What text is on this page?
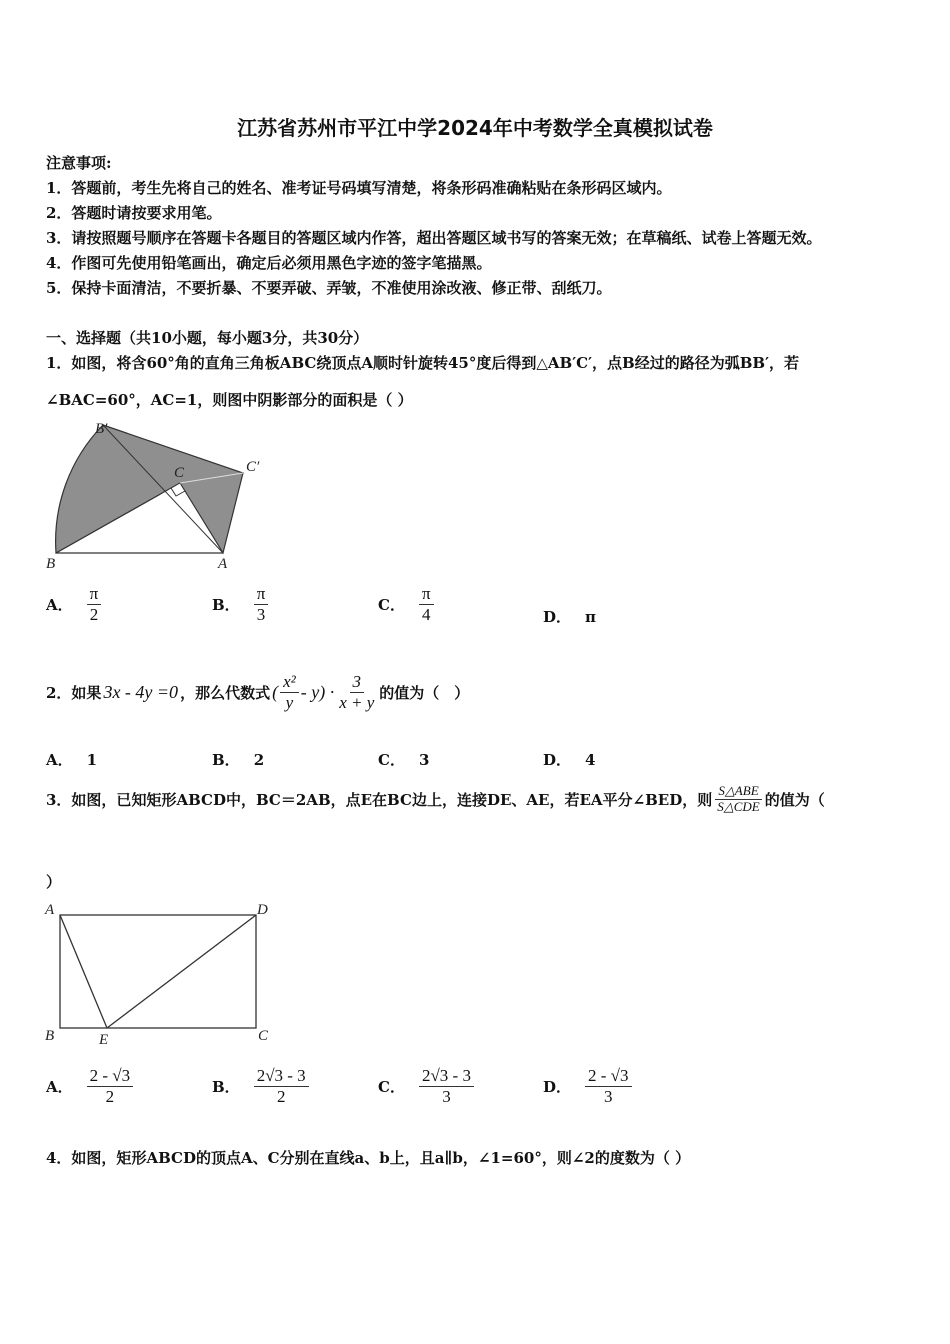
江苏省苏州市平江中学2024年中考数学全真模拟试卷
注意事项:
1．答题前，考生先将自己的姓名、准考证号码填写清楚，将条形码准确粘贴在条形码区域内。
2．答题时请按要求用笔。
3．请按照题号顺序在答题卡各题目的答题区域内作答，超出答题区域书写的答案无效；在草稿纸、试卷上答题无效。
4．作图可先使用铅笔画出，确定后必须用黑色字迹的签字笔描黑。
5．保持卡面清洁，不要折暴、不要弄破、弄皱，不准使用涂改液、修正带、刮纸刀。
一、选择题（共10小题，每小题3分，共30分）
1．如图，将含60°角的直角三角板ABC绕顶点A顺时针旋转45°度后得到△AB′C′，点B经过的路径为弧BB′，若
∠BAC=60°，AC=1，则图中阴影部分的面积是（ ）
B′
C	C′
B	A
A． $\frac{\pi}{2}$	B． $\frac{\pi}{3}$	C． $\frac{\pi}{4}$	D． π
2．如果 3x - 4y =0 ，那么代数式 ( $\frac{\text{x²}}{y} - y) \cdot \frac{3}{x + y}$ 的值为（　）
A． 1	B． 2	C． 3	D． 4
3．如图，已知矩形ABCD中，BC＝2AB，点E在BC边上，连接DE、AE，若EA平分∠BED，则 $\frac{\text{S△ABE}}{\text{S△CDE}}$ 的值为（
）
A	D
B	E	C
A． $\frac{2 - √3}{2}$	B． $\frac{2√3 - 3}{2}$	C． $\frac{2√3 - 3}{3}$	D． $\frac{2 - √3}{3}$
4．如图，矩形ABCD的顶点A、C分别在直线a、b上，且a∥b，∠1=60°，则∠2的度数为（ ）
